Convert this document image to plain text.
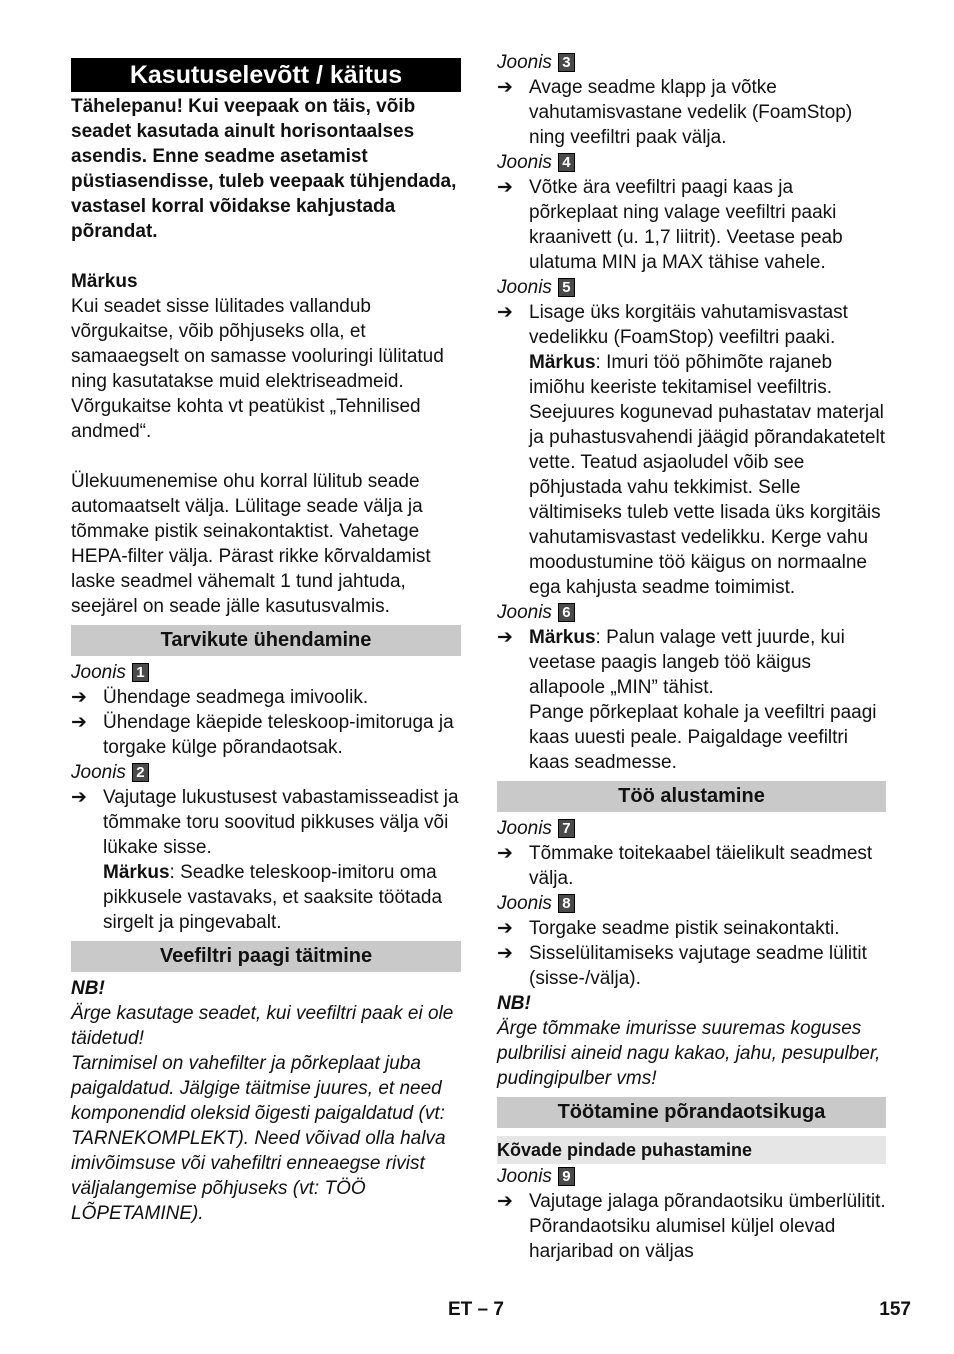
Kasutuselevõtt / käitus

Tähelepanu! Kui veepaak on täis, võib seadet kasutada ainult horisontaalses asendis. Enne seadme asetamist püstiasendisse, tuleb veepaak tühjendada, vastasel korral võidakse kahjustada põrandat.

Märkus

Kui seadet sisse lülitades vallandub võrgukaitse, võib põhjuseks olla, et samaaegselt on samasse vooluringi lülitatud ning kasutatakse muid elektriseadmeid. Võrgukaitse kohta vt peatükist „Tehnilised andmed“.

Ülekuumenemise ohu korral lülitub seade automaatselt välja. Lülitage seade välja ja tõmmake pistik seinakontaktist. Vahetage HEPA-filter välja. Pärast rikke kõrvaldamist laske seadmel vähemalt 1 tund jahtuda, seejärel on seade jälle kasutusvalmis.

Tarvikute ühendamine
Joonis 1
➔ Ühendage seadmega imivoolik.
➔ Ühendage käepide teleskoop-imitoruga ja torgake külge põrandaotsak.
Joonis 2
➔ Vajutage lukustusest vabastamisseadist ja tõmmake toru soovitud pikkuses välja või lükake sisse.
Märkus: Seadke teleskoop-imitoru oma pikkusele vastavaks, et saaksite töötada sirgelt ja pingevabalt.
Veefiltri paagi täitmine

NB!

Ärge kasutage seadet, kui veefiltri paak ei ole täidetud!

Tarnimisel on vahefilter ja põrkeplaat juba paigaldatud. Jälgige täitmise juures, et need komponendid oleksid õigesti paigaldatud (vt: TARNEKOMPLEKT). Need võivad olla halva imivõimsuse või vahefiltri enneaegse rivist väljalangemise põhjuseks (vt: TÖÖ LÕPETAMINE).

Joonis 3
➔ Avage seadme klapp ja võtke vahutamisvastane vedelik (FoamStop) ning veefiltri paak välja.
Joonis 4
➔ Võtke ära veefiltri paagi kaas ja põrkeplaat ning valage veefiltri paaki kraanivett (u. 1,7 liitrit). Veetase peab ulatuma MIN ja MAX tähise vahele.
Joonis 5
➔ Lisage üks korgitäis vahutamisvastast vedelikku (FoamStop) veefiltri paaki.
Märkus: Imuri töö põhimõte rajaneb imiõhu keeriste tekitamisel veefiltris. Seejuures kogunevad puhastatav materjal ja puhastusvahendi jäägid põrandakatetelt vette. Teatud asjaoludel võib see põhjustada vahu tekkimist. Selle vältimiseks tuleb vette lisada üks korgitäis vahutamisvastast vedelikku. Kerge vahu moodustumine töö käigus on normaalne ega kahjusta seadme toimimist.
Joonis 6
➔ Märkus: Palun valage vett juurde, kui veetase paagis langeb töö käigus allapoole „MIN” tähist.
Pange põrkeplaat kohale ja veefiltri paagi kaas uuesti peale. Paigaldage veefiltri kaas seadmesse.
Töö alustamine
Joonis 7
➔ Tõmmake toitekaabel täielikult seadmest välja.
Joonis 8
➔ Torgake seadme pistik seinakontakti.
➔ Sisselülitamiseks vajutage seadme lülitit (sisse-/välja).

NB!

Ärge tõmmake imurisse suuremas koguses pulbrilisi aineid nagu kakao, jahu, pesupulber, pudingipulber vms!

Töötamine põrandaotsikuga
Kõvade pindade puhastamine
Joonis 9
➔ Vajutage jalaga põrandaotsiku ümberlülitit. Põrandaotsiku alumisel küljel olevad harjaribad on väljas
ET – 7	157
